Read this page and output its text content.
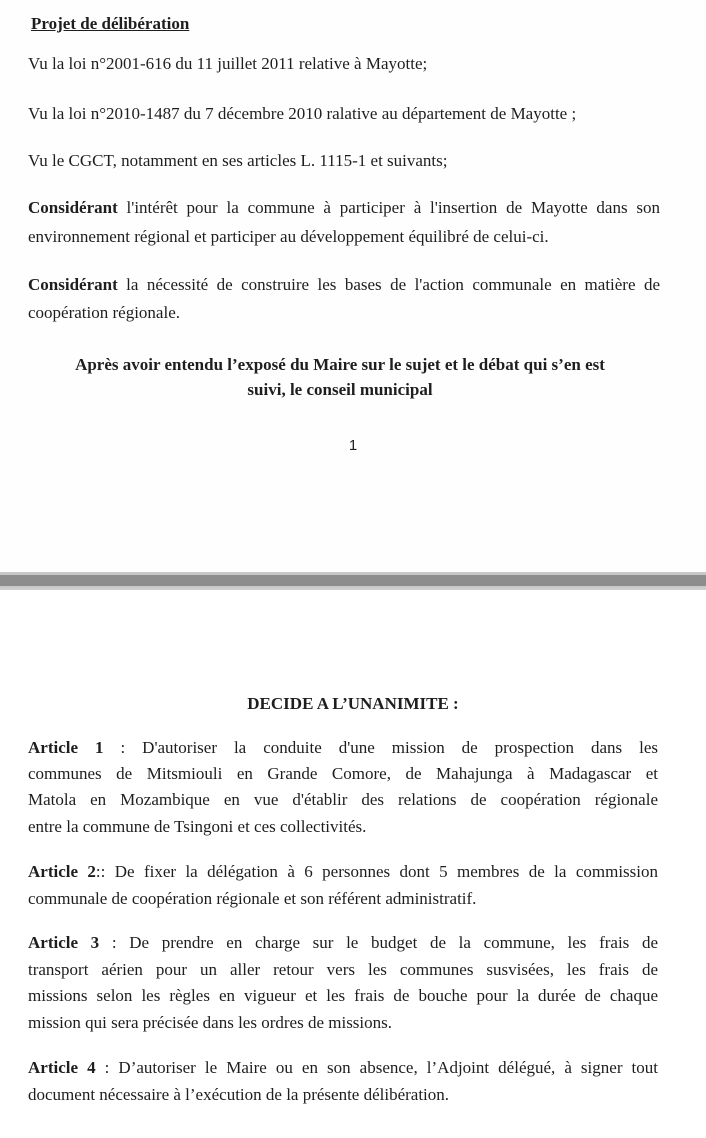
Projet de délibération
Vu la loi n°2001-616 du 11 juillet 2011 relative à Mayotte;
Vu la loi n°2010-1487 du 7 décembre 2010 ralative au département de Mayotte ;
Vu le CGCT, notamment en ses articles L. 1115-1 et suivants;
Considérant l'intérêt pour la commune à participer à l'insertion de Mayotte dans son
environnement régional et participer au développement équilibré de celui-ci.
Considérant la nécessité de construire les bases de l'action communale en matière de
coopération régionale.
Après avoir entendu l’exposé du Maire sur le sujet et le débat qui s’en est
suivi, le conseil municipal
1
DECIDE A L’UNANIMITE :
Article 1 : D'autoriser la conduite d'une mission de prospection dans les
communes de Mitsmiouli en Grande Comore, de Mahajunga à Madagascar et
Matola en Mozambique en vue d'établir des relations de coopération régionale
entre la commune de Tsingoni et ces collectivités.
Article 2:: De fixer la délégation à 6 personnes dont 5 membres de la commission
communale de coopération régionale et son référent administratif.
Article 3 : De prendre en charge sur le budget de la commune, les frais de
transport aérien pour un aller retour vers les communes susvisées, les frais de
missions selon les règles en vigueur et les frais de bouche pour la durée de chaque
mission qui sera précisée dans les ordres de missions.
Article 4 : D’autoriser le Maire ou en son absence, l’Adjoint délégué, à signer tout
document nécessaire à l’exécution de la présente délibération.
